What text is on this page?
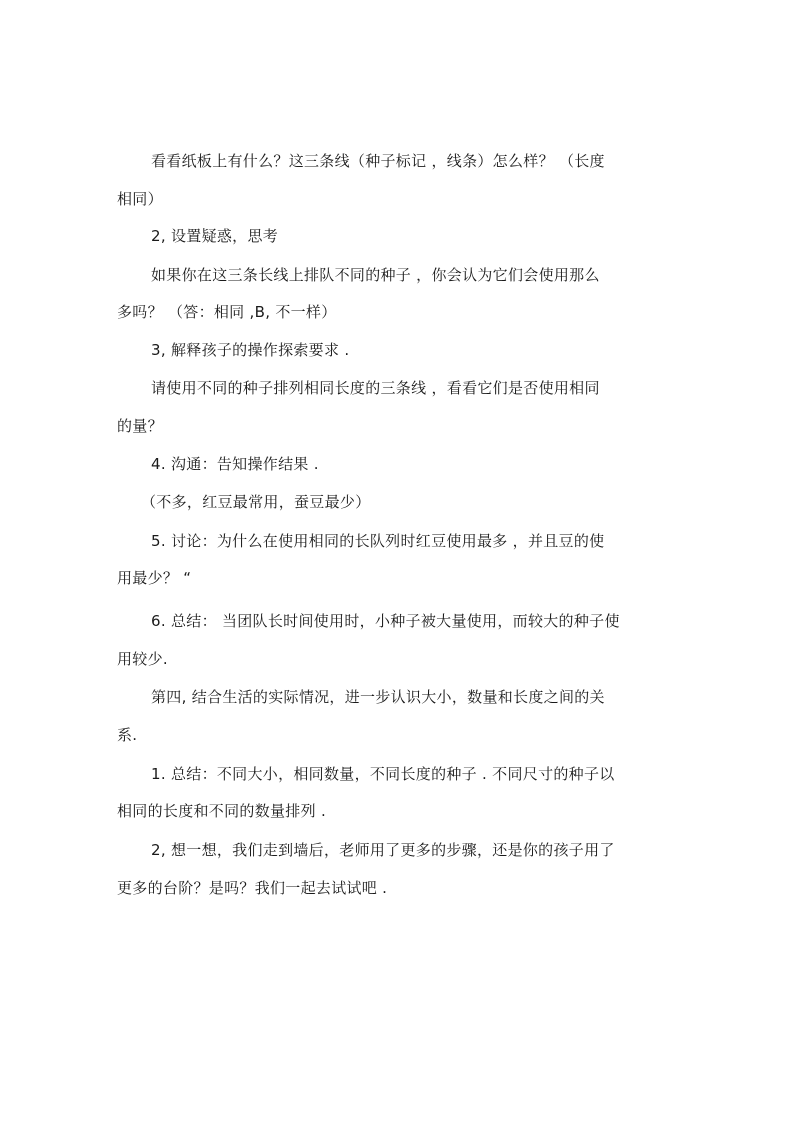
看看纸板上有什么？这三条线（种子标记 ，线条）怎么样？ （长度
相同）
2, 设置疑惑，思考
如果你在这三条长线上排队不同的种子 ，你会认为它们会使用那么
多吗？ （答：相同 ,B, 不一样）
3, 解释孩子的操作探索要求 .
请使用不同的种子排列相同长度的三条线 ，看看它们是否使用相同
的量？
4. 沟通：告知操作结果 .
（不多，红豆最常用，蚕豆最少）
5. 讨论：为什么在使用相同的长队列时红豆使用最多 ，并且豆的使
用最少？ “
6. 总结： 当团队长时间使用时，小种子被大量使用，而较大的种子使
用较少.
第四, 结合生活的实际情况，进一步认识大小，数量和长度之间的关
系.
1. 总结：不同大小，相同数量，不同长度的种子 . 不同尺寸的种子以
相同的长度和不同的数量排列 .
2, 想一想，我们走到墙后，老师用了更多的步骤，还是你的孩子用了
更多的台阶？是吗？我们一起去试试吧 .
